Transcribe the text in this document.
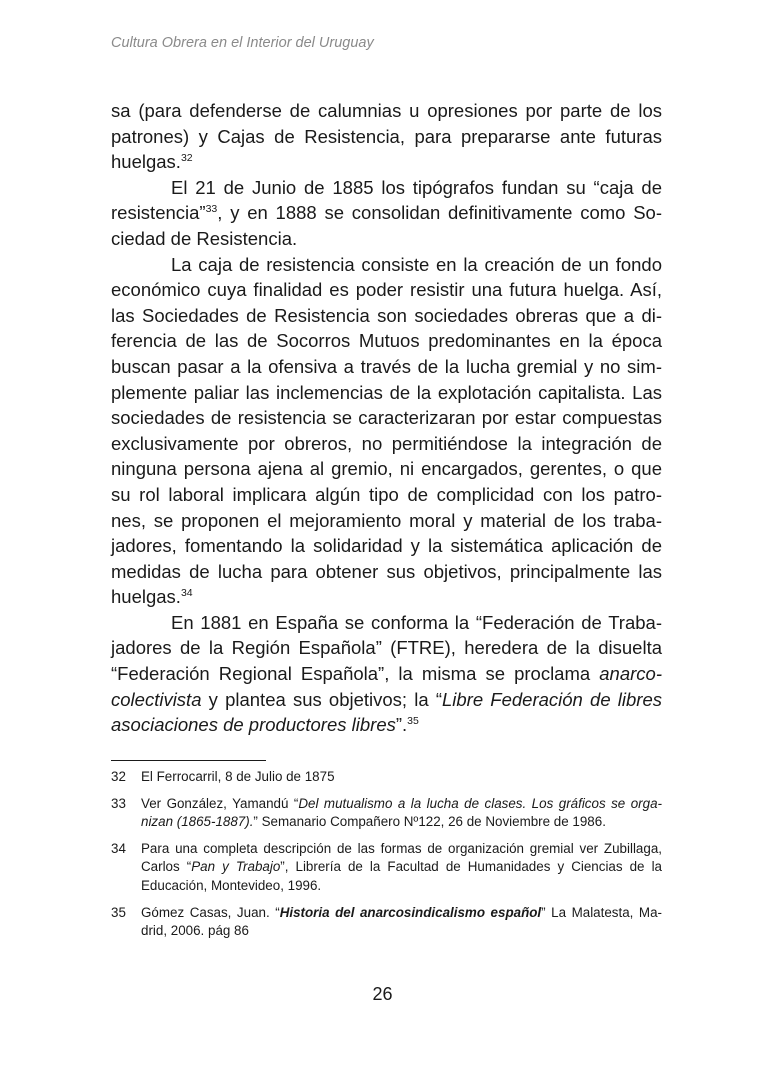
Cultura Obrera en el Interior del Uruguay
sa (para defenderse de calumnias u opresiones por parte de los
patrones) y Cajas de Resistencia, para prepararse ante futuras
huelgas.$^{32}$
El 21 de Junio de 1885 los tipógrafos fundan su “caja de
resistencia”$^{33}$, y en 1888 se consolidan definitivamente como So-
ciedad de Resistencia.
La caja de resistencia consiste en la creación de un fondo
económico cuya finalidad es poder resistir una futura huelga. Así,
las Sociedades de Resistencia son sociedades obreras que a di-
ferencia de las de Socorros Mutuos predominantes en la época
buscan pasar a la ofensiva a través de la lucha gremial y no sim-
plemente paliar las inclemencias de la explotación capitalista. Las
sociedades de resistencia se caracterizaran por estar compuestas
exclusivamente por obreros, no permitiéndose la integración de
ninguna persona ajena al gremio, ni encargados, gerentes, o que
su rol laboral implicara algún tipo de complicidad con los patro-
nes, se proponen el mejoramiento moral y material de los traba-
jadores, fomentando la solidaridad y la sistemática aplicación de
medidas de lucha para obtener sus objetivos, principalmente las
huelgas.$^{34}$
En 1881 en España se conforma la “Federación de Traba-
jadores de la Región Española” (FTRE), heredera de la disuelta
“Federación Regional Española”, la misma se proclama anarco-
colectivista y plantea sus objetivos; la “Libre Federación de libres
asociaciones de productores libres”.$^{35}$
32	El Ferrocarril, 8 de Julio de 1875
33	Ver González, Yamandú “Del mutualismo a la lucha de clases. Los gráficos se orga-
nizan (1865-1887).” Semanario Compañero Nº122, 26 de Noviembre de 1986.
34	Para una completa descripción de las formas de organización gremial ver Zubillaga,
Carlos “Pan y Trabajo”, Librería de la Facultad de Humanidades y Ciencias de la
Educación, Montevideo, 1996.
35	Gómez Casas, Juan. “Historia del anarcosindicalismo español” La Malatesta, Ma-
drid, 2006. pág 86
26
